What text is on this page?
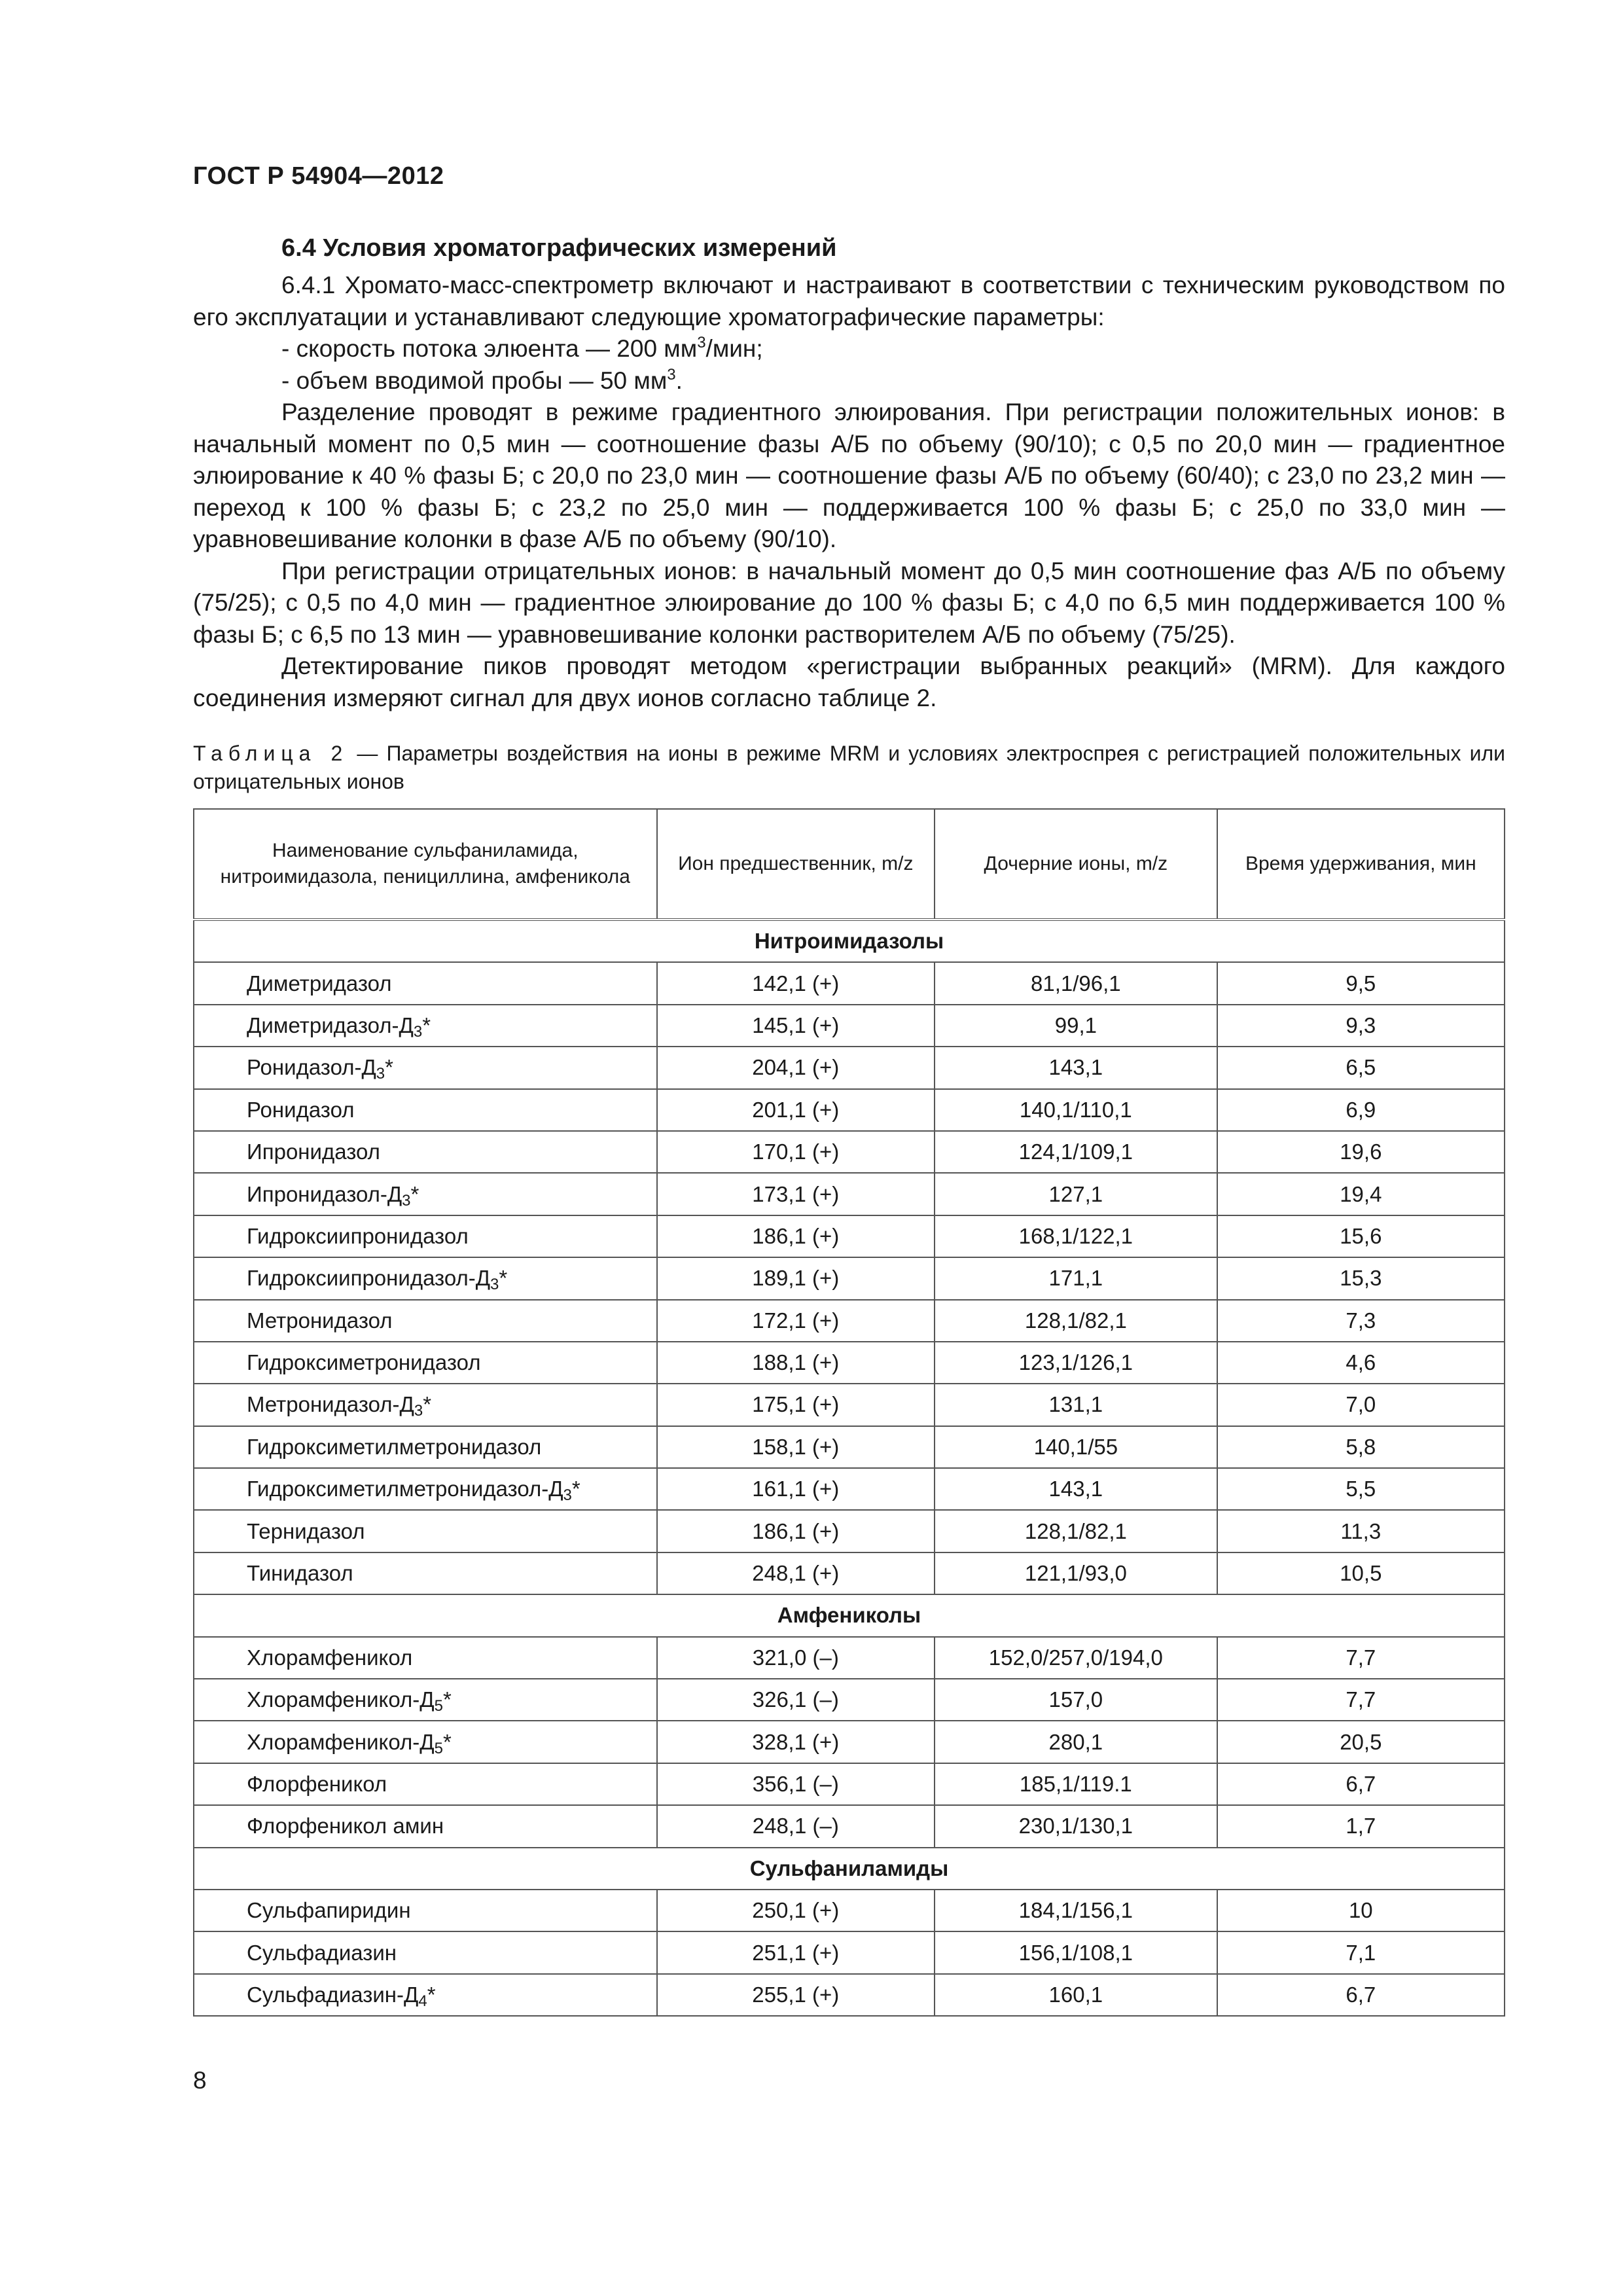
ГОСТ Р 54904—2012
6.4 Условия хроматографических измерений

6.4.1 Хромато-масс-спектрометр включают и настраивают в соответствии с техническим руководством по его эксплуатации и устанавливают следующие хроматографические параметры:

- скорость потока элюента — 200 $мм^3$/мин;

- объем вводимой пробы — 50 $мм^3$.

Разделение проводят в режиме градиентного элюирования. При регистрации положительных ионов: в начальный момент по 0,5 мин — соотношение фазы А/Б по объему (90/10); с 0,5 по 20,0 мин — градиентное элюирование к 40 % фазы Б; с 20,0 по 23,0 мин — соотношение фазы А/Б по объему (60/40); с 23,0 по 23,2 мин — переход к 100 % фазы Б; с 23,2 по 25,0 мин — поддерживается 100 % фазы Б; с 25,0 по 33,0 мин — уравновешивание колонки в фазе А/Б по объему (90/10).

При регистрации отрицательных ионов: в начальный момент до 0,5 мин соотношение фаз А/Б по объему (75/25); с 0,5 по 4,0 мин — градиентное элюирование до 100 % фазы Б; с 4,0 по 6,5 мин поддерживается 100 % фазы Б; с 6,5 по 13 мин — уравновешивание колонки растворителем А/Б по объему (75/25).

Детектирование пиков проводят методом «регистрации выбранных реакций» (MRM). Для каждого соединения измеряют сигнал для двух ионов согласно таблице 2.

Таблица 2 — Параметры воздействия на ионы в режиме MRM и условиях электроспрея с регистрацией положительных или отрицательных ионов
Наименование сульфаниламида, нитроимидазола, пенициллина, амфеникола	Ион предшественник, m/z	Дочерние ионы, m/z	Время удерживания, мин
Нитроимидазолы			
Диметридазол	142,1 (+)	81,1/96,1	9,5
Диметридазол-$Д_3*$	145,1 (+)	99,1	9,3
Ронидазол-$Д_3*$	204,1 (+)	143,1	6,5
Ронидазол	201,1 (+)	140,1/110,1	6,9
Ипронидазол	170,1 (+)	124,1/109,1	19,6
Ипронидазол-$Д_3*$	173,1 (+)	127,1	19,4
Гидроксиипронидазол	186,1 (+)	168,1/122,1	15,6
Гидроксиипронидазол-$Д_3*$	189,1 (+)	171,1	15,3
Метронидазол	172,1 (+)	128,1/82,1	7,3
Гидроксиметронидазол	188,1 (+)	123,1/126,1	4,6
Метронидазол-$Д_3*$	175,1 (+)	131,1	7,0
Гидроксиметилметронидазол	158,1 (+)	140,1/55	5,8
Гидроксиметилметронидазол-$Д_3*$	161,1 (+)	143,1	5,5
Тернидазол	186,1 (+)	128,1/82,1	11,3
Тинидазол	248,1 (+)	121,1/93,0	10,5
Амфениколы			
Хлорамфеникол	321,0 (–)	152,0/257,0/194,0	7,7
Хлорамфеникол-$Д_5*$	326,1 (–)	157,0	7,7
Хлорамфеникол-$Д_5*$	328,1 (+)	280,1	20,5
Флорфеникол	356,1 (–)	185,1/119.1	6,7
Флорфеникол амин	248,1 (–)	230,1/130,1	1,7
Сульфаниламиды			
Сульфапиридин	250,1 (+)	184,1/156,1	10
Сульфадиазин	251,1 (+)	156,1/108,1	7,1
Сульфадиазин-$Д_4*$	255,1 (+)	160,1	6,7
8
